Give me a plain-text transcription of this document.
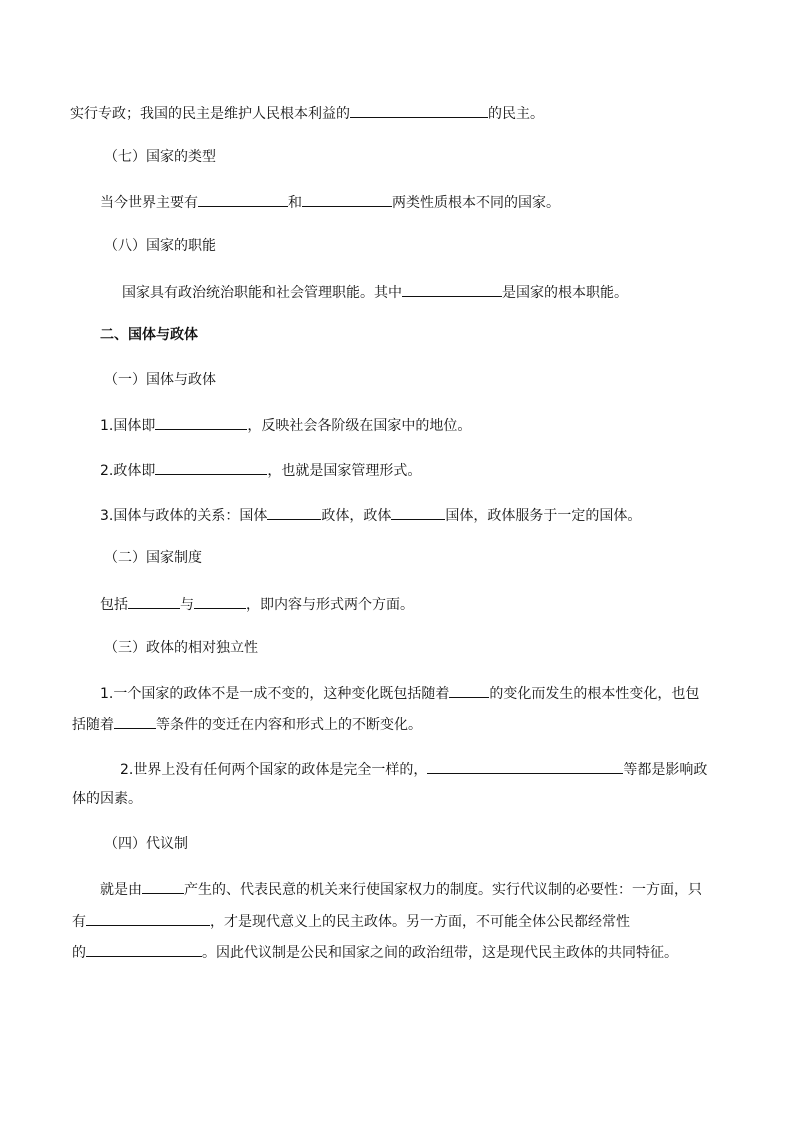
实行专政；我国的民主是维护人民根本利益的	的民主。
（七）国家的类型
当今世界主要有	和	两类性质根本不同的国家。
（八）国家的职能
国家具有政治统治职能和社会管理职能。其中	是国家的根本职能。
二、国体与政体
（一）国体与政体
1.国体即	，反映社会各阶级在国家中的地位。
2.政体即	，也就是国家管理形式。
3.国体与政体的关系：国体	政体，政体	国体，政体服务于一定的国体。
（二）国家制度
包括	与	，即内容与形式两个方面。
（三）政体的相对独立性
1.一个国家的政体不是一成不变的，这种变化既包括随着	的变化而发生的根本性变化，也包
括随着	等条件的变迁在内容和形式上的不断变化。
2.世界上没有任何两个国家的政体是完全一样的，	等都是影响政
体的因素。
（四）代议制
就是由	产生的、代表民意的机关来行使国家权力的制度。实行代议制的必要性：一方面，只
有	，才是现代意义上的民主政体。另一方面，不可能全体公民都经常性
的	。因此代议制是公民和国家之间的政治纽带，这是现代民主政体的共同特征。
